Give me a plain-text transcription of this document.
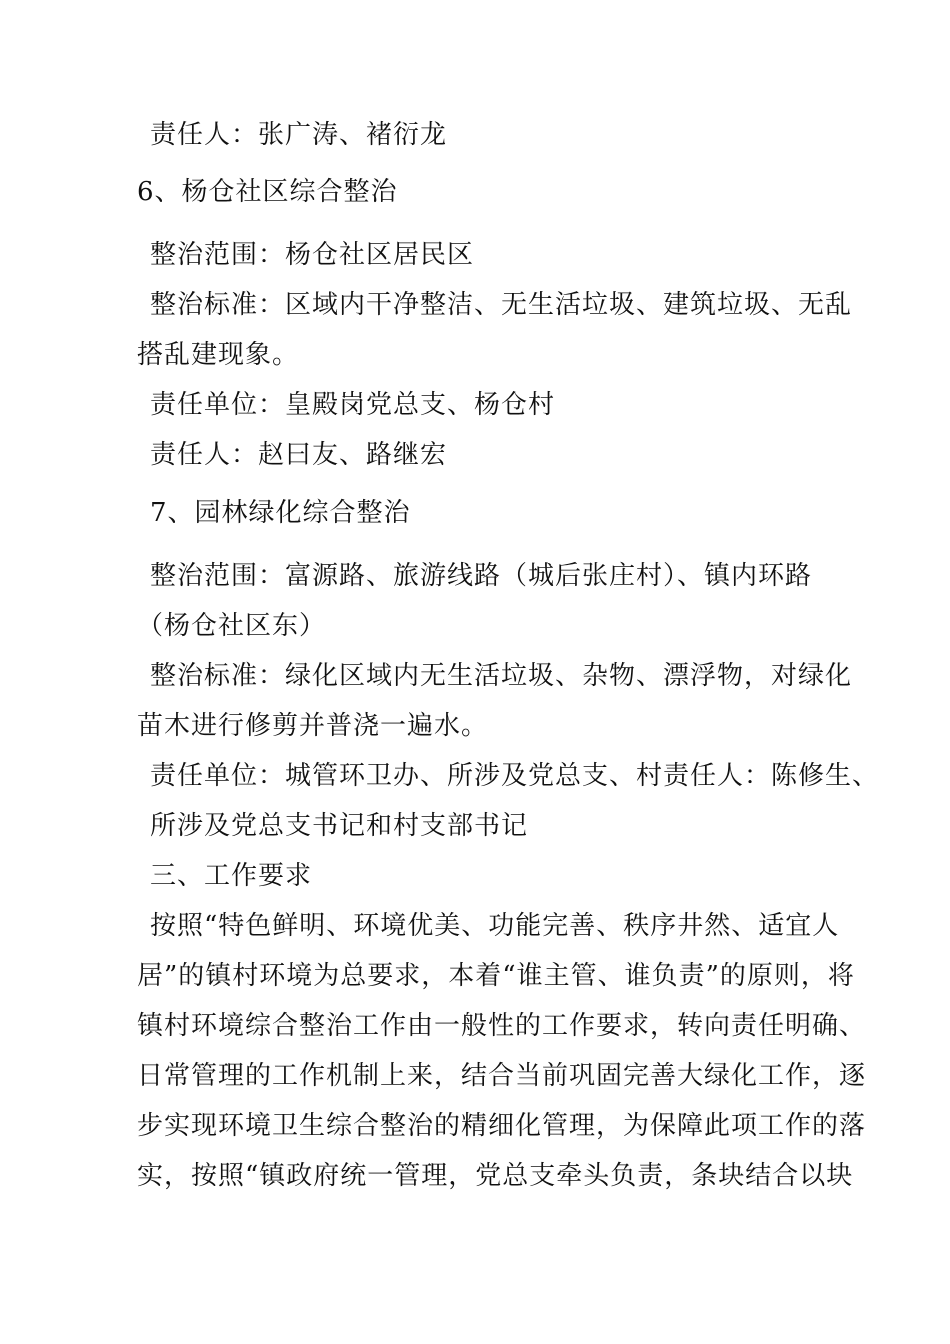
责任人：张广涛、褚衍龙
6、杨仓社区综合整治
整治范围：杨仓社区居民区
整治标准：区域内干净整洁、无生活垃圾、建筑垃圾、无乱
搭乱建现象。
责任单位：皇殿岗党总支、杨仓村
责任人：赵曰友、路继宏
7、园林绿化综合整治
整治范围：富源路、旅游线路（城后张庄村）、镇内环路
（杨仓社区东）
整治标准：绿化区域内无生活垃圾、杂物、漂浮物，对绿化
苗木进行修剪并普浇一遍水。
责任单位：城管环卫办、所涉及党总支、村责任人：陈修生、
所涉及党总支书记和村支部书记
三、工作要求
按照“特色鲜明、环境优美、功能完善、秩序井然、适宜人
居”的镇村环境为总要求，本着“谁主管、谁负责”的原则，将
镇村环境综合整治工作由一般性的工作要求，转向责任明确、
日常管理的工作机制上来，结合当前巩固完善大绿化工作，逐
步实现环境卫生综合整治的精细化管理，为保障此项工作的落
实，按照“镇政府统一管理，党总支牵头负责，条块结合以块
